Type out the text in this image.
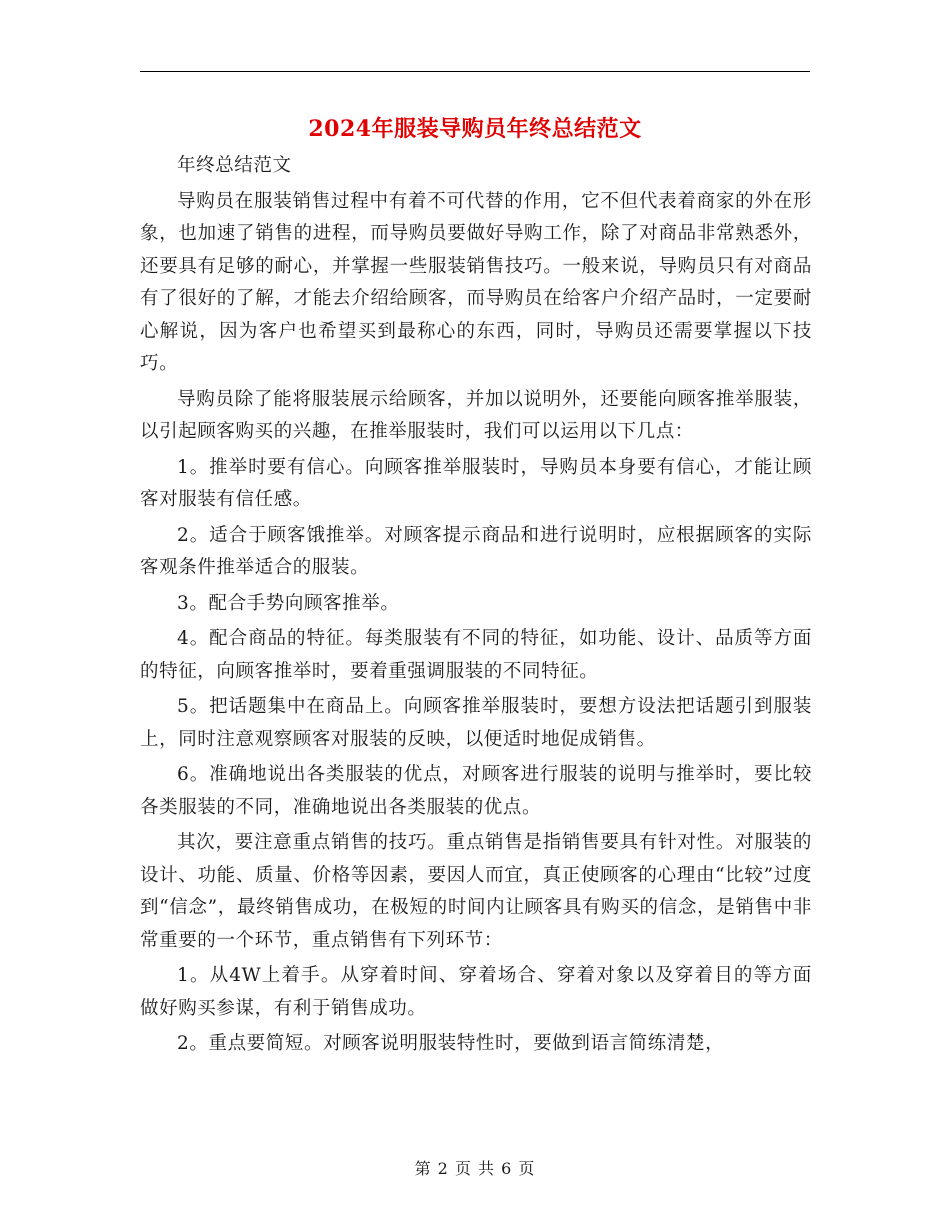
2024年服装导购员年终总结范文

年终总结范文

导购员在服装销售过程中有着不可代替的作用，它不但代表着商家的外在形象，也加速了销售的进程，而导购员要做好导购工作，除了对商品非常熟悉外，还要具有足够的耐心，并掌握一些服装销售技巧。一般来说，导购员只有对商品有了很好的了解，才能去介绍给顾客，而导购员在给客户介绍产品时，一定要耐心解说，因为客户也希望买到最称心的东西，同时，导购员还需要掌握以下技巧。

导购员除了能将服装展示给顾客，并加以说明外，还要能向顾客推举服装，以引起顾客购买的兴趣，在推举服装时，我们可以运用以下几点：

1。推举时要有信心。向顾客推举服装时，导购员本身要有信心，才能让顾客对服装有信任感。

2。适合于顾客饿推举。对顾客提示商品和进行说明时，应根据顾客的实际客观条件推举适合的服装。

3。配合手势向顾客推举。

4。配合商品的特征。每类服装有不同的特征，如功能、设计、品质等方面的特征，向顾客推举时，要着重强调服装的不同特征。

5。把话题集中在商品上。向顾客推举服装时，要想方设法把话题引到服装上，同时注意观察顾客对服装的反映，以便适时地促成销售。

6。准确地说出各类服装的优点，对顾客进行服装的说明与推举时，要比较各类服装的不同，准确地说出各类服装的优点。

其次，要注意重点销售的技巧。重点销售是指销售要具有针对性。对服装的设计、功能、质量、价格等因素，要因人而宜，真正使顾客的心理由“比较”过度到“信念”，最终销售成功，在极短的时间内让顾客具有购买的信念，是销售中非常重要的一个环节，重点销售有下列环节：

1。从4W上着手。从穿着时间、穿着场合、穿着对象以及穿着目的等方面做好购买参谋，有利于销售成功。

2。重点要简短。对顾客说明服装特性时，要做到语言简练清楚，

第 2 页 共 6 页
